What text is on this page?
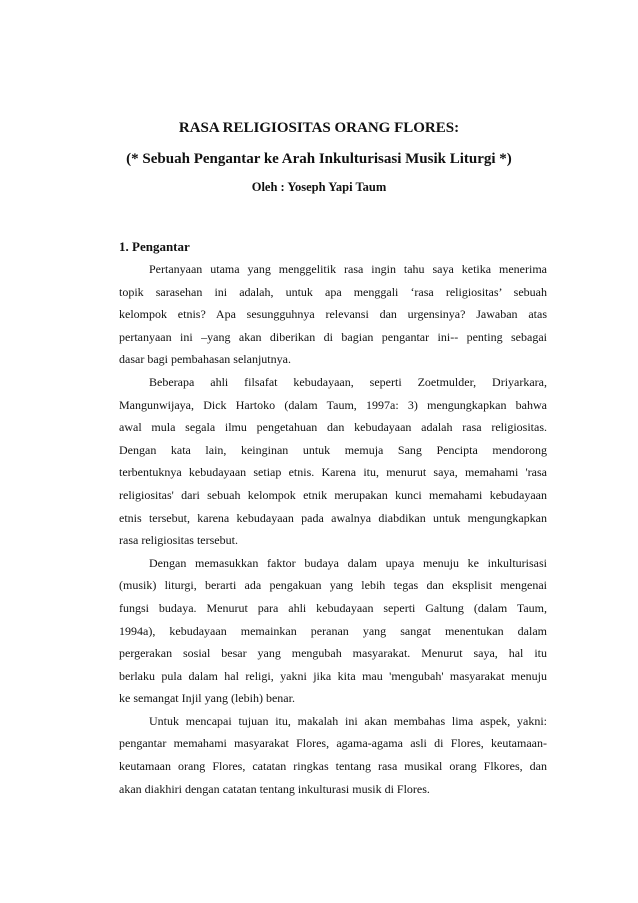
RASA RELIGIOSITAS ORANG FLORES:
(* Sebuah Pengantar ke Arah Inkulturisasi Musik Liturgi *)
Oleh : Yoseph Yapi Taum
1. Pengantar
Pertanyaan utama yang menggelitik rasa ingin tahu saya ketika menerima
topik sarasehan ini adalah, untuk apa menggali ‘rasa religiositas’ sebuah
kelompok etnis? Apa sesungguhnya relevansi dan urgensinya? Jawaban atas
pertanyaan ini –yang akan diberikan di bagian pengantar ini-- penting sebagai
dasar bagi pembahasan selanjutnya.
Beberapa ahli filsafat kebudayaan, seperti Zoetmulder, Driyarkara,
Mangunwijaya, Dick Hartoko (dalam Taum, 1997a: 3) mengungkapkan bahwa
awal mula segala ilmu pengetahuan dan kebudayaan adalah rasa religiositas.
Dengan kata lain, keinginan untuk memuja Sang Pencipta mendorong
terbentuknya kebudayaan setiap etnis. Karena itu, menurut saya, memahami 'rasa
religiositas' dari sebuah kelompok etnik merupakan kunci memahami kebudayaan
etnis tersebut, karena kebudayaan pada awalnya diabdikan untuk mengungkapkan
rasa religiositas tersebut.
Dengan memasukkan faktor budaya dalam upaya menuju ke inkulturisasi
(musik) liturgi, berarti ada pengakuan yang lebih tegas dan eksplisit mengenai
fungsi budaya. Menurut para ahli kebudayaan seperti Galtung (dalam Taum,
1994a), kebudayaan memainkan peranan yang sangat menentukan dalam
pergerakan sosial besar yang mengubah masyarakat. Menurut saya, hal itu
berlaku pula dalam hal religi, yakni jika kita mau 'mengubah' masyarakat menuju
ke semangat Injil yang (lebih) benar.
Untuk mencapai tujuan itu, makalah ini akan membahas lima aspek, yakni:
pengantar memahami masyarakat Flores, agama-agama asli di Flores, keutamaan-
keutamaan orang Flores, catatan ringkas tentang rasa musikal orang Flkores, dan
akan diakhiri dengan catatan tentang inkulturasi musik di Flores.
